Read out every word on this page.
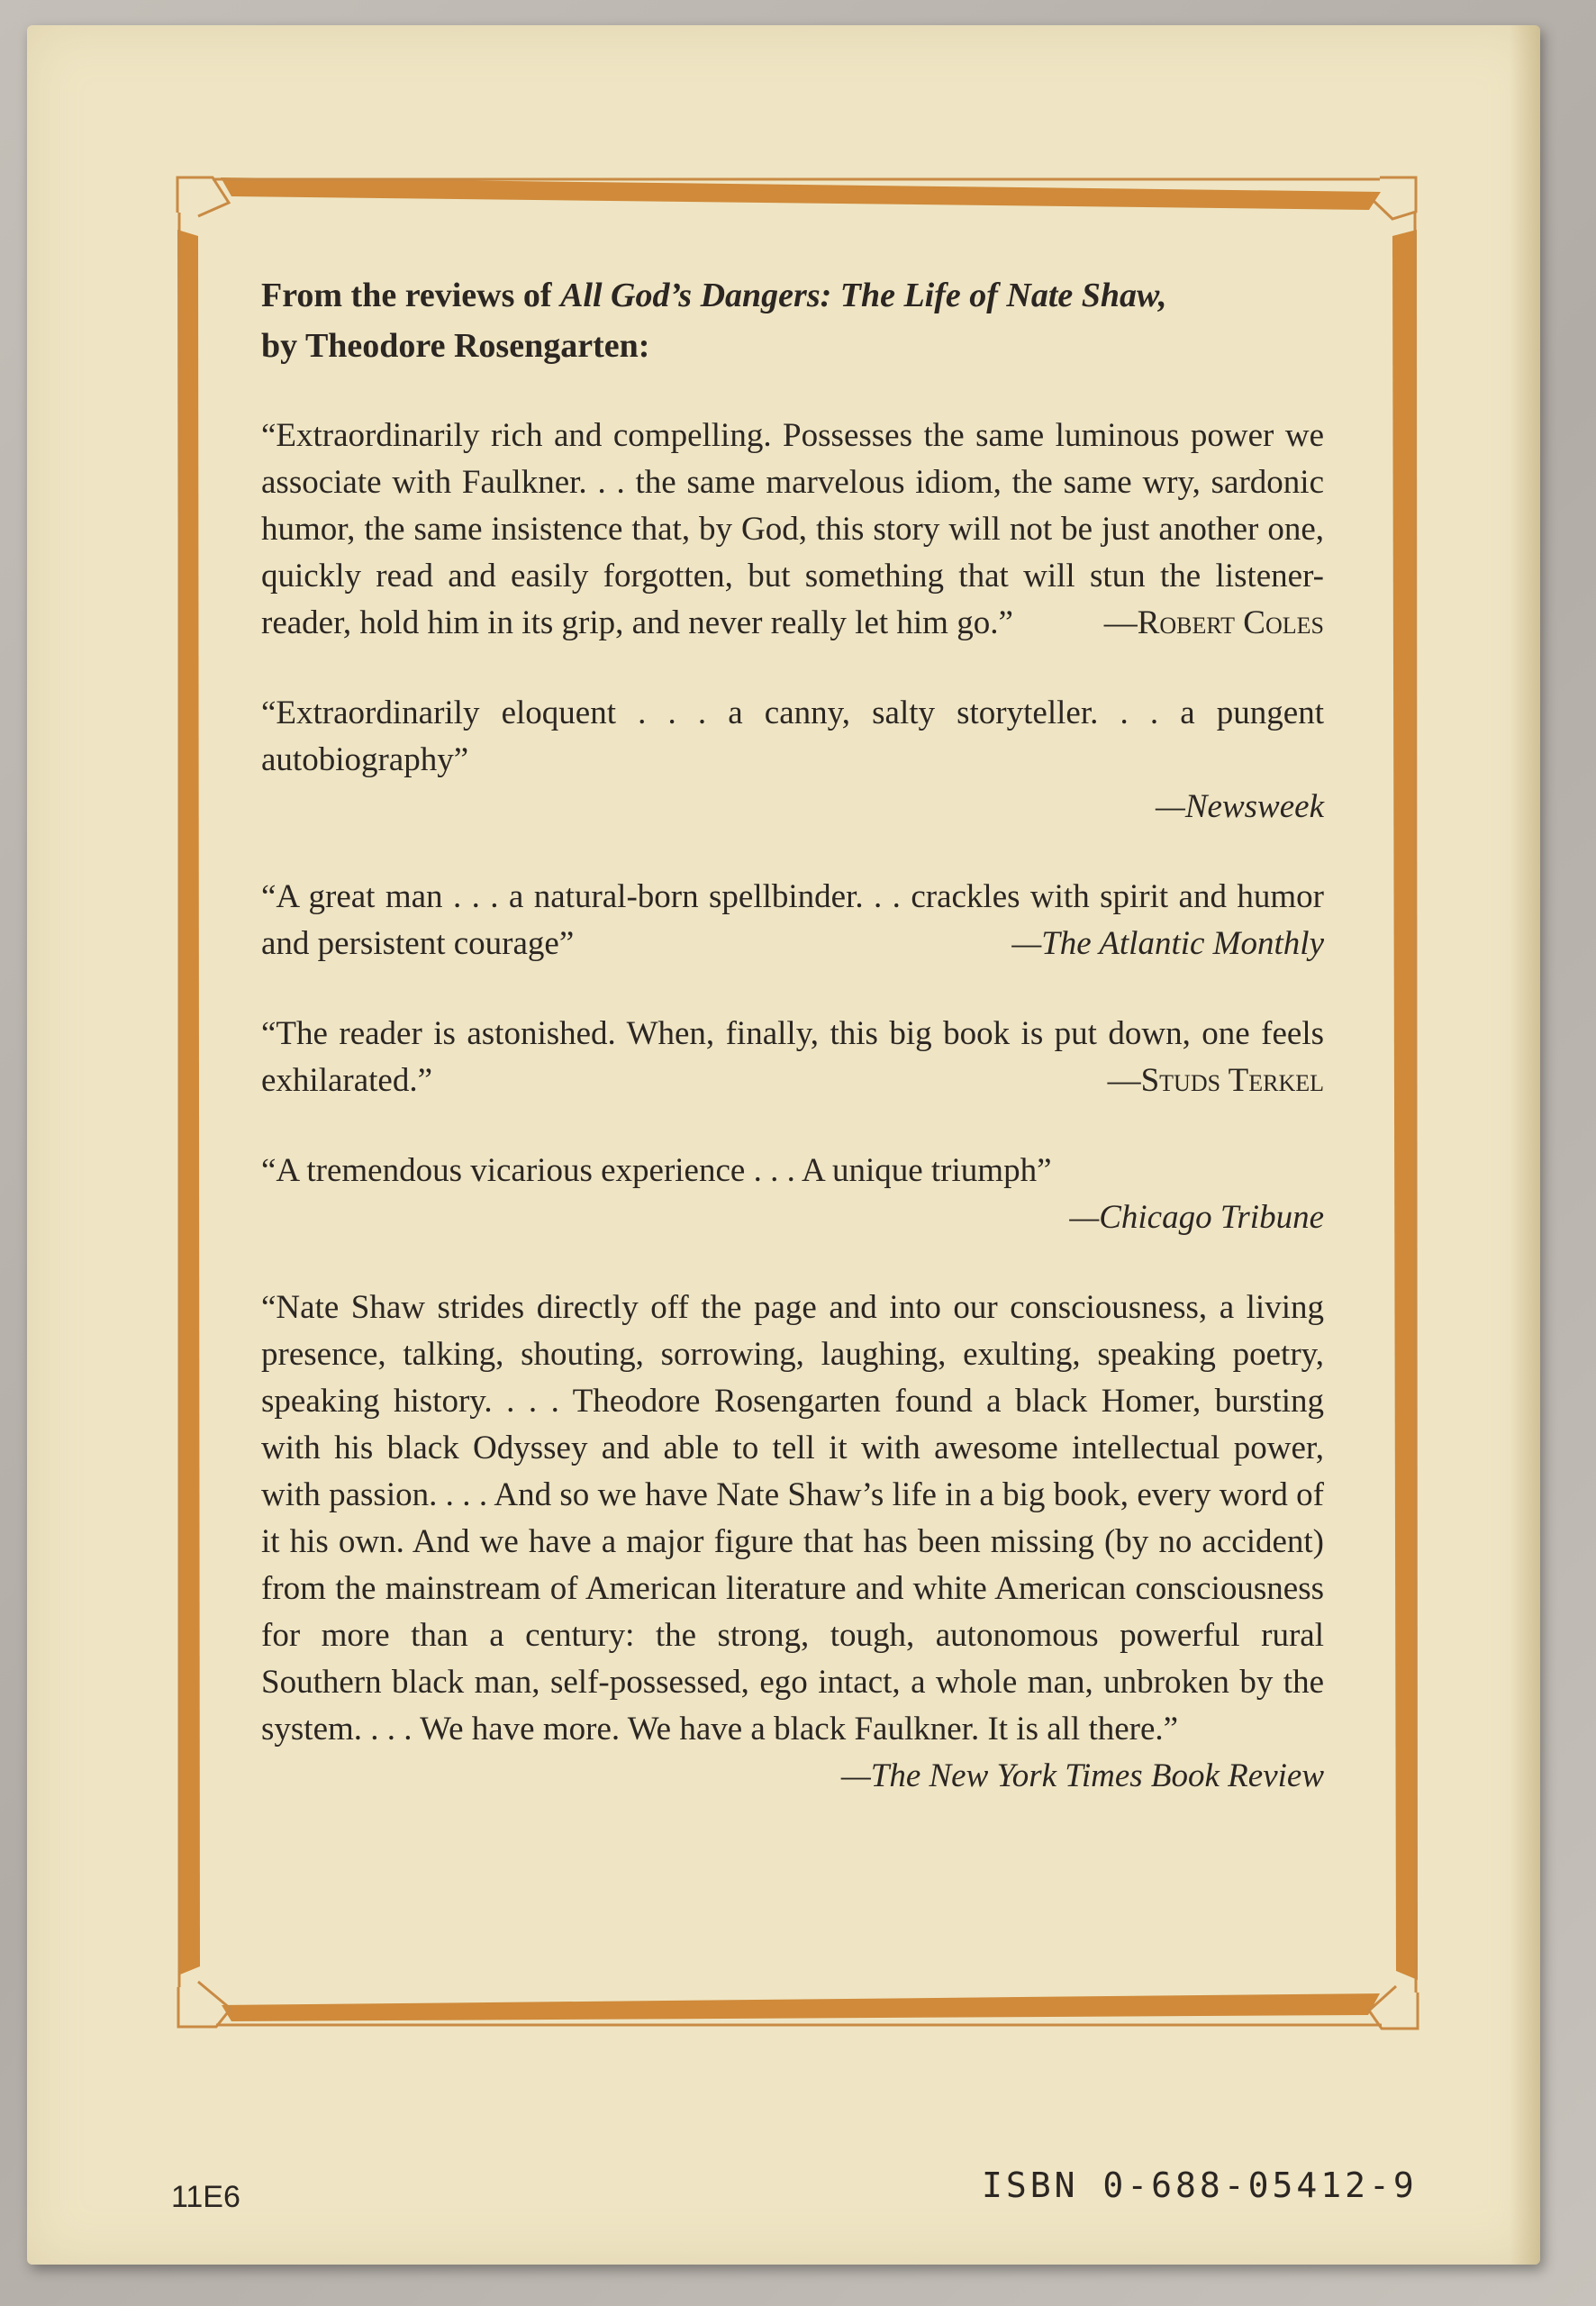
From the reviews of All God’s Dangers: The Life of Nate Shaw,
by Theodore Rosengarten:
“Extraordinarily rich and compelling. Possesses the same luminous power we associate with Faulkner. . . the same marvelous idiom, the same wry, sardonic humor, the same insistence that, by God, this story will not be just another one, quickly read and easily forgotten, but something that will stun the listener-reader, hold him in its grip, and never really let him go.”	—Robert Coles
“Extraordinarily eloquent . . . a canny, salty storyteller. . . a pungent autobiography”
—Newsweek
“A great man . . . a natural-born spellbinder. . . crackles with spirit and humor and persistent courage”	—The Atlantic Monthly
“The reader is astonished. When, finally, this big book is put down, one feels exhilarated.”	—Studs Terkel
“A tremendous vicarious experience . . . A unique triumph”
—Chicago Tribune
“Nate Shaw strides directly off the page and into our consciousness, a living presence, talking, shouting, sorrowing, laughing, exulting, speaking poetry, speaking history. . . . Theodore Rosengarten found a black Homer, bursting with his black Odyssey and able to tell it with awesome intellectual power, with passion. . . . And so we have Nate Shaw’s life in a big book, every word of it his own. And we have a major figure that has been missing (by no accident) from the mainstream of American literature and white American consciousness for more than a century: the strong, tough, autonomous powerful rural Southern black man, self-possessed, ego intact, a whole man, unbroken by the system. . . . We have more. We have a black Faulkner. It is all there.”
—The New York Times Book Review
11E6	ISBN 0-688-05412-9
